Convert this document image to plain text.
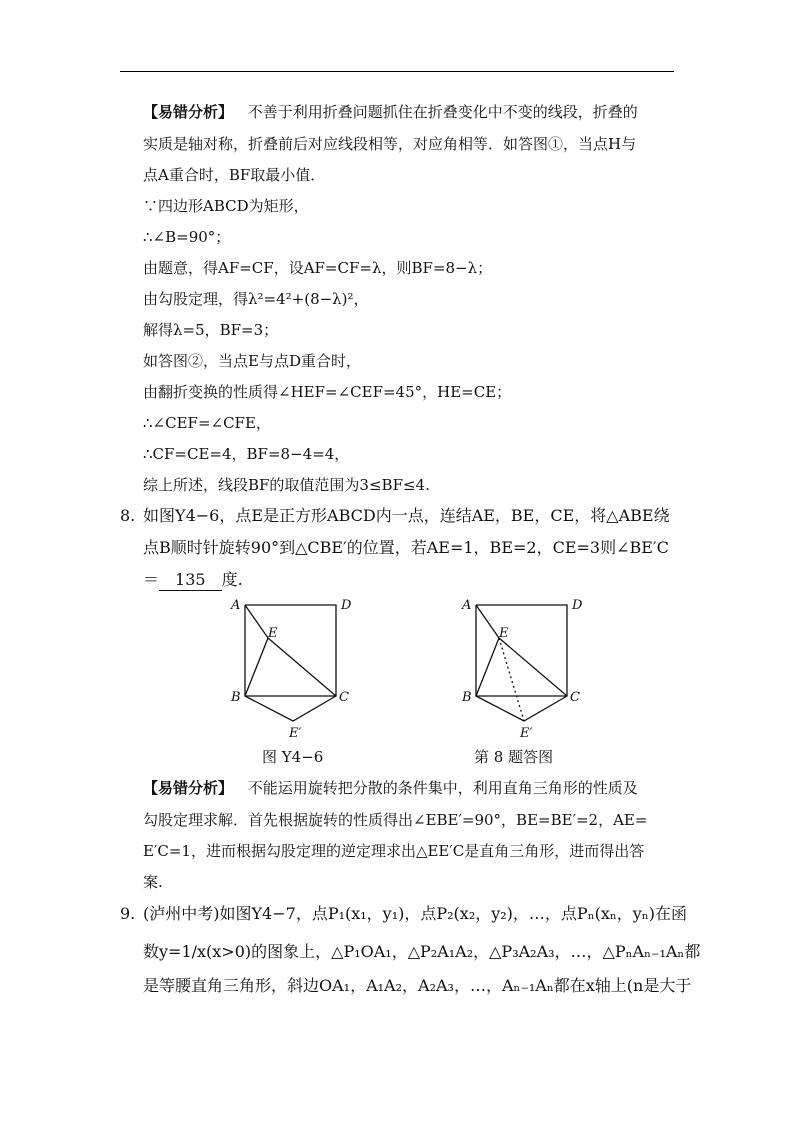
【易错分析】 不善于利用折叠问题抓住在折叠变化中不变的线段，折叠的
实质是轴对称，折叠前后对应线段相等，对应角相等．如答图①，当点H与
点A重合时，BF取最小值．
∵四边形ABCD为矩形，
∴∠B=90°；
由题意，得AF=CF，设AF=CF=λ，则BF=8−λ；
由勾股定理，得λ²=4²+(8−λ)²，
解得λ=5，BF=3；
如答图②，当点E与点D重合时，
由翻折变换的性质得∠HEF=∠CEF=45°，HE=CE；
∴∠CEF=∠CFE，
∴CF=CE=4，BF=8−4=4，
综上所述，线段BF的取值范围为3≤BF≤4.
8. 如图Y4−6，点E是正方形ABCD内一点，连结AE，BE，CE，将△ABE绕
点B顺时针旋转90°到△CBE′的位置，若AE=1，BE=2，CE=3则∠BE′C
＝ 135 度.
A	D
E
B	C
E′
图 Y4−6
A	D
E
B	C
E′
第 8 题答图
【易错分析】 不能运用旋转把分散的条件集中，利用直角三角形的性质及
勾股定理求解．首先根据旋转的性质得出∠EBE′=90°，BE=BE′=2，AE=
E′C=1，进而根据勾股定理的逆定理求出△EE′C是直角三角形，进而得出答
案.
9. (泸州中考)如图Y4−7，点P₁(x₁，y₁)，点P₂(x₂，y₂)，…，点Pₙ(xₙ，yₙ)在函
数y=1/x(x>0)的图象上，△P₁OA₁，△P₂A₁A₂，△P₃A₂A₃，…，△PₙAₙ₋₁Aₙ都
是等腰直角三角形，斜边OA₁，A₁A₂，A₂A₃，…，Aₙ₋₁Aₙ都在x轴上(n是大于
